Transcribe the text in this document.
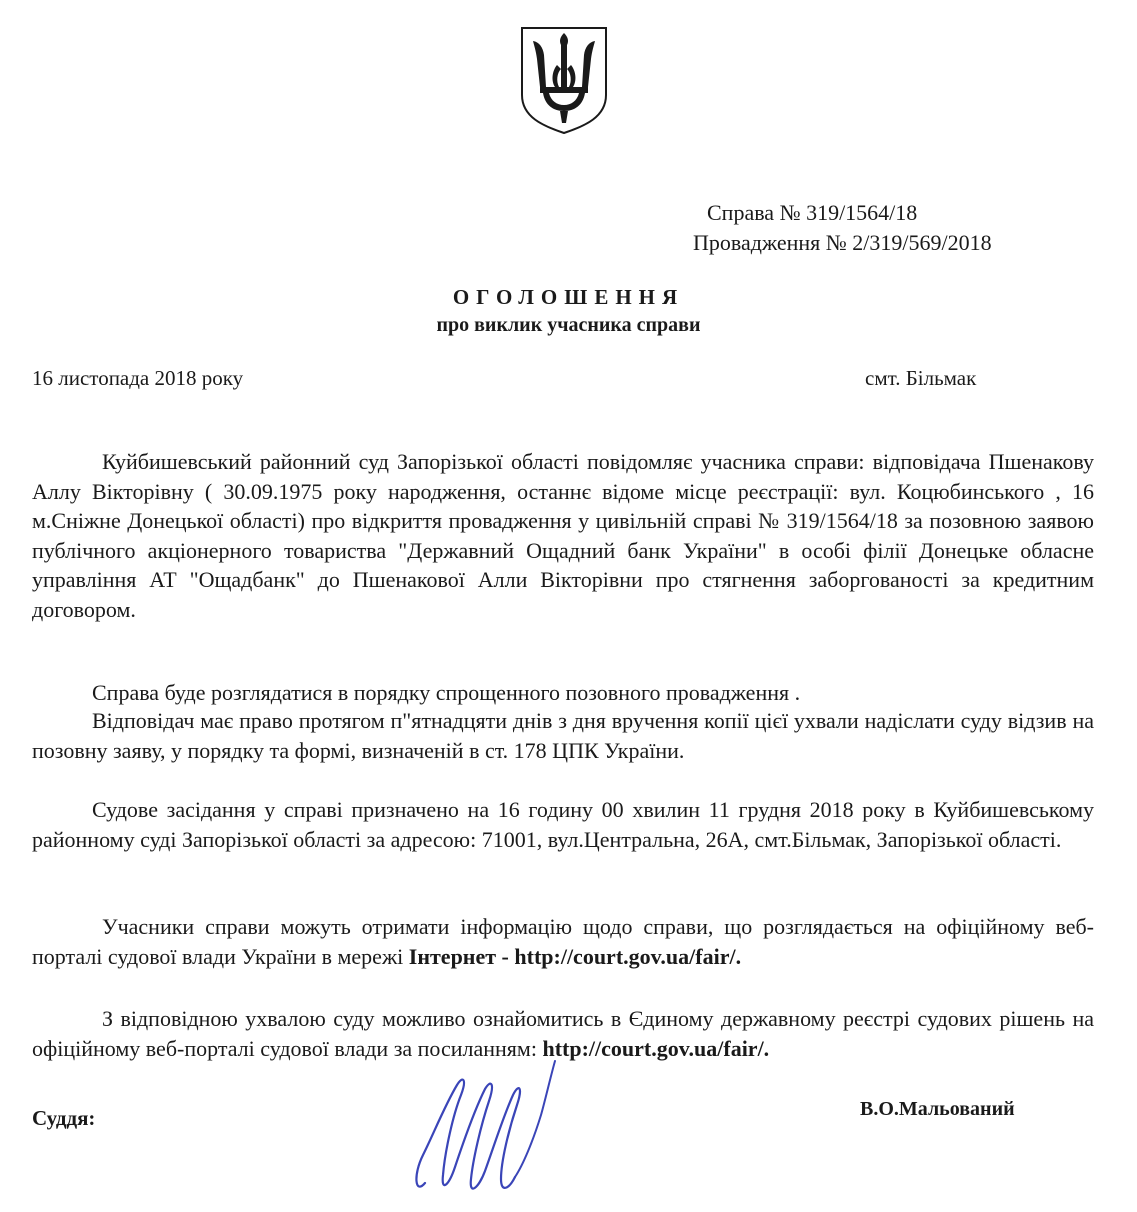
Справа № 319/1564/18
Провадження № 2/319/569/2018
ОГОЛОШЕННЯ
про виклик учасника справи
16 листопада 2018 року	смт. Більмак

Куйбишевський районний суд Запорізької області повідомляє учасника справи: відповідача Пшенакову Аллу Вікторівну ( 30.09.1975 року народження, останнє відоме місце реєстрації: вул. Коцюбинського , 16 м.Сніжне Донецької області) про відкриття провадження у цивільній справі № 319/1564/18 за позовною заявою публічного акціонерного товариства "Державний Ощадний банк України" в особі філії Донецьке обласне управління АТ "Ощадбанк" до Пшенакової Алли Вікторівни про стягнення заборгованості за кредитним договором.

Справа буде розглядатися в порядку спрощенного позовного провадження .

Відповідач має право протягом п"ятнадцяти днів з дня вручення копії цієї ухвали надіслати суду відзив на позовну заяву, у порядку та формі, визначеній в ст. 178 ЦПК України.

Судове засідання у справі призначено на 16 годину 00 хвилин 11 грудня 2018 року в Куйбишевському районному суді Запорізької області за адресою: 71001, вул.Центральна, 26А, смт.Більмак, Запорізької області.

Учасники справи можуть отримати інформацію щодо справи, що розглядається на офіційному веб-порталі судової влади України в мережі Інтернет - http://court.gov.ua/fair/.

З відповідною ухвалою суду можливо ознайомитись в Єдиному державному реєстрі судових рішень на офіційному веб-порталі судової влади за посиланням: http://court.gov.ua/fair/.

Суддя:	В.О.Мальований
